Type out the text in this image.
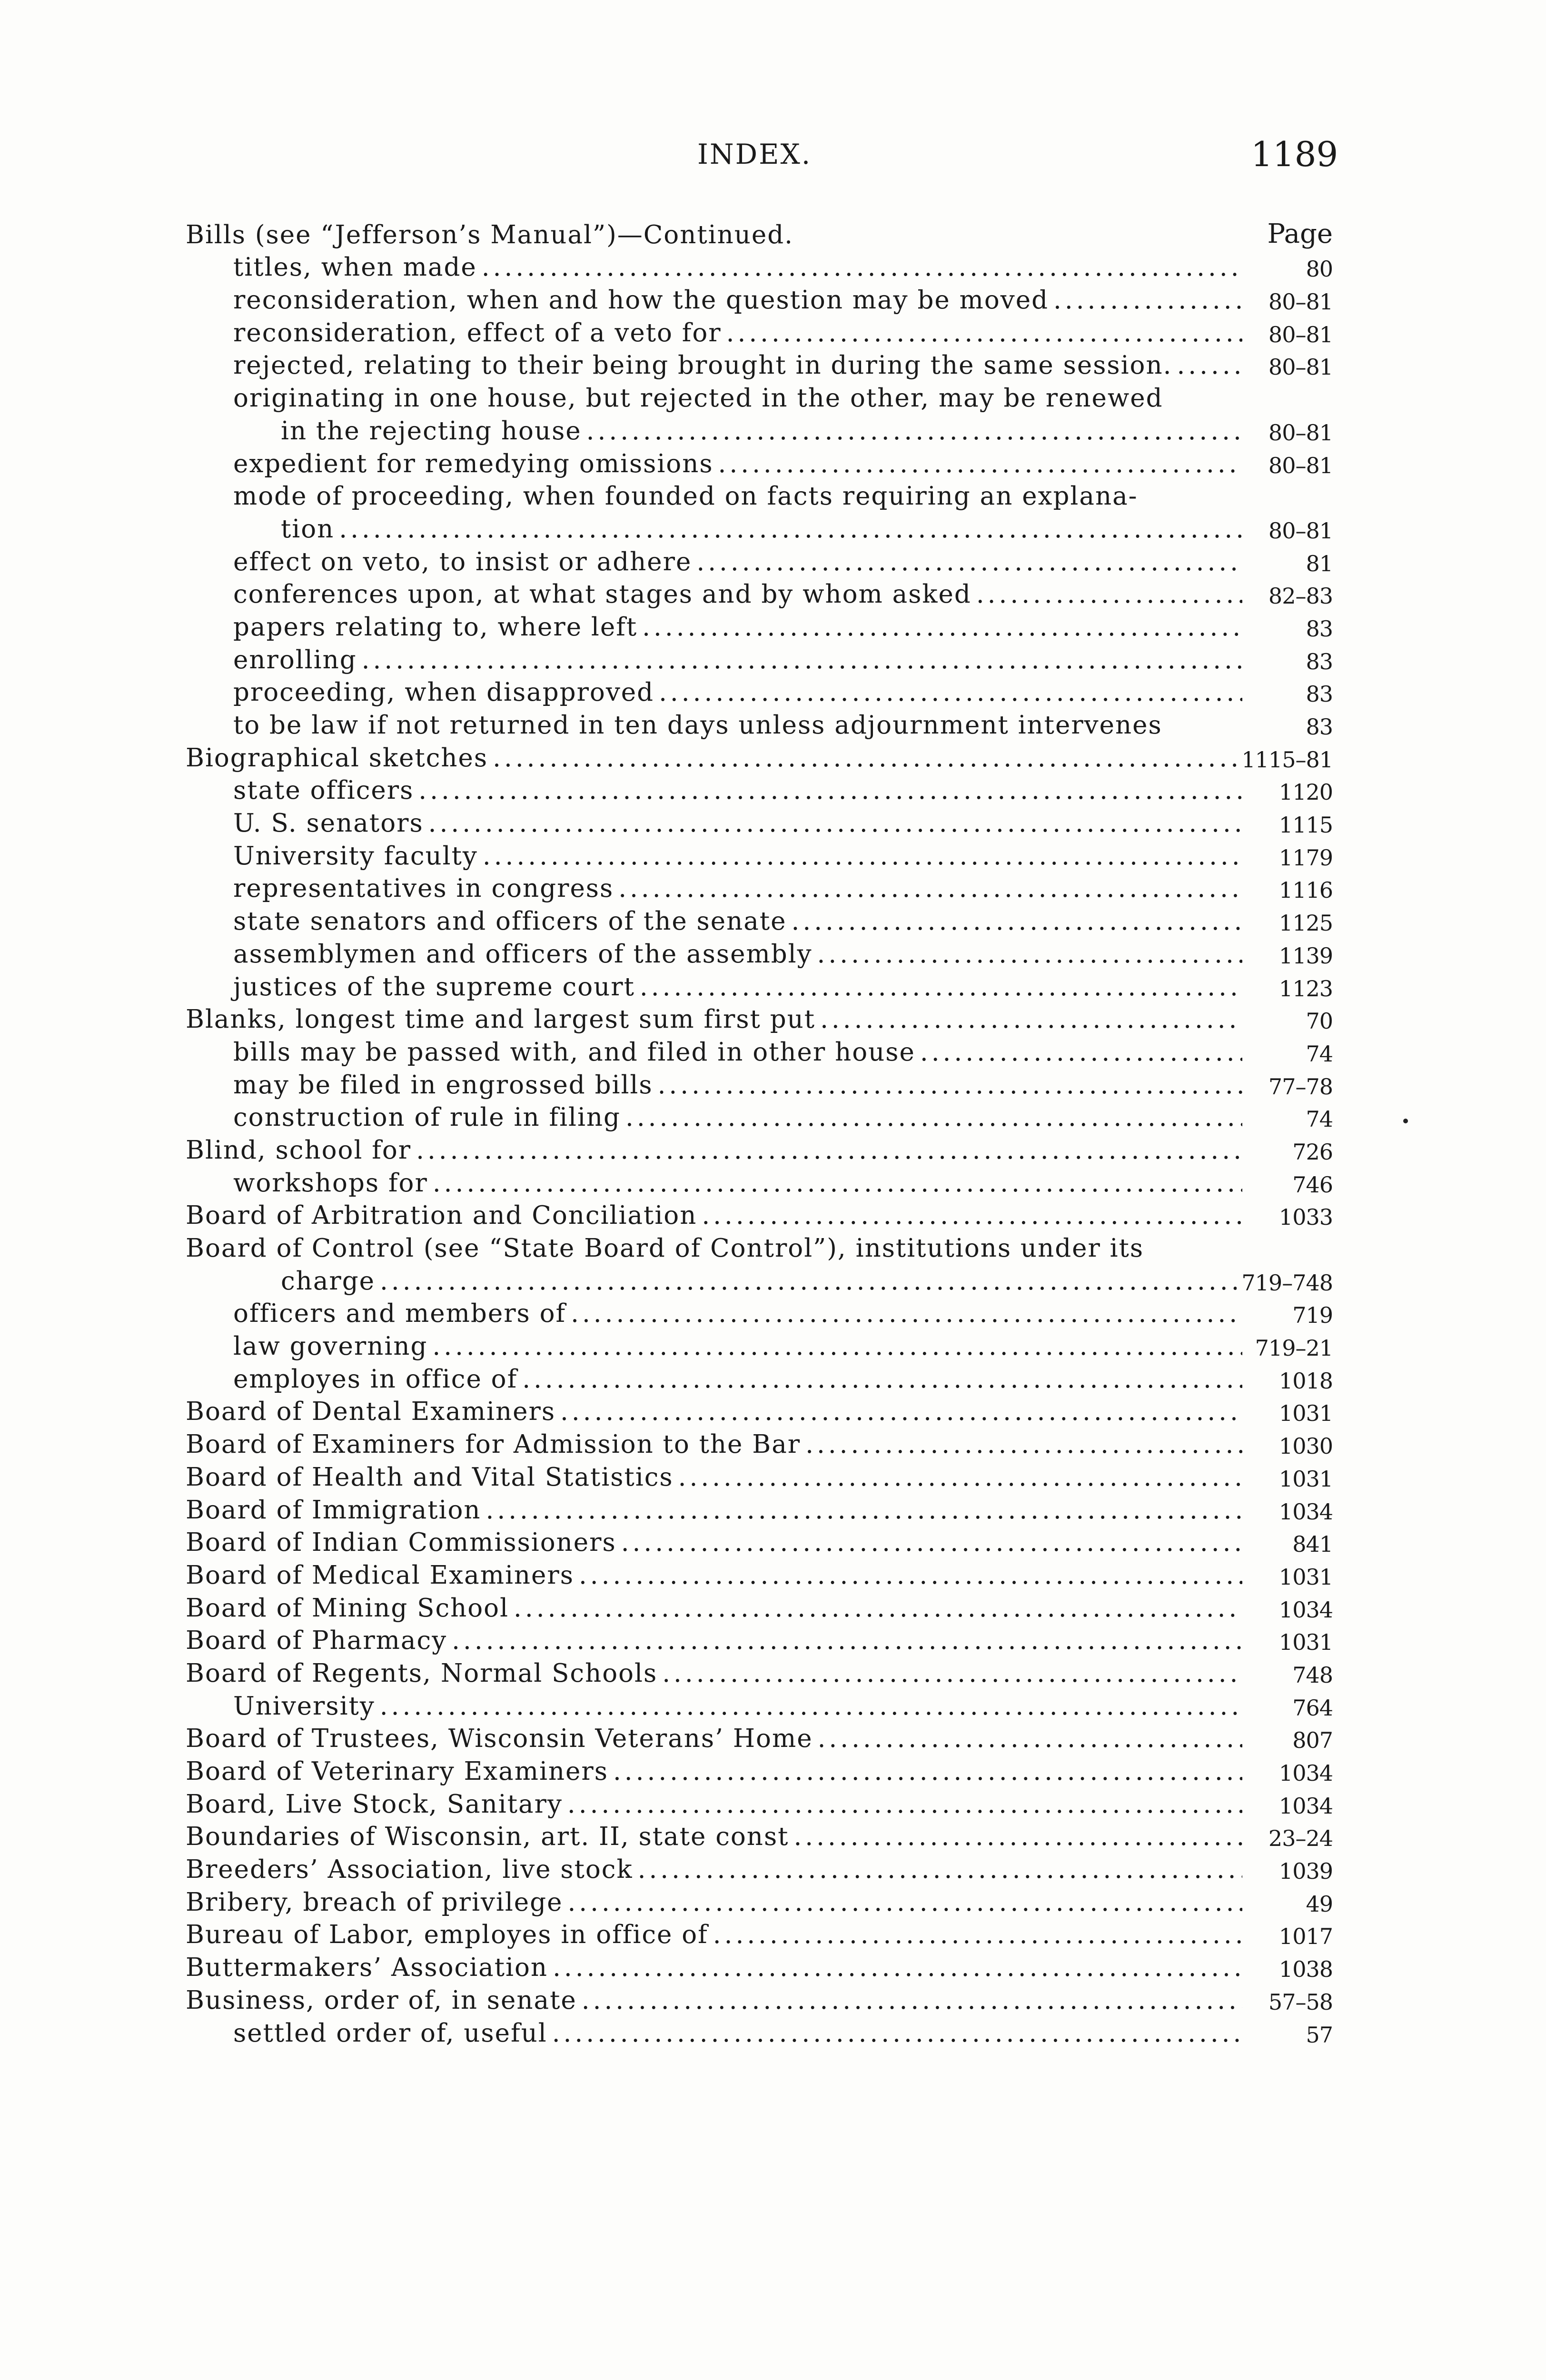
INDEX.	1189
Bills (see “Jefferson’s Manual”)—Continued.	Page
titles, when made .....	80
reconsideration, when and how the question may be moved .....	80–81
reconsideration, effect of a veto for .....	80–81
rejected, relating to their being brought in during the same session. .....	80–81
originating in one house, but rejected in the other, may be renewed
in the rejecting house .....	80–81
expedient for remedying omissions .....	80–81
mode of proceeding, when founded on facts requiring an explana-
tion .....	80–81
effect on veto, to insist or adhere .....	81
conferences upon, at what stages and by whom asked .....	82–83
papers relating to, where left .....	83
enrolling .....	83
proceeding, when disapproved .....	83
to be law if not returned in ten days unless adjournment intervenes	83
Biographical sketches .....	1115–81
state officers .....	1120
U. S. senators .....	1115
University faculty .....	1179
representatives in congress .....	1116
state senators and officers of the senate .....	1125
assemblymen and officers of the assembly .....	1139
justices of the supreme court .....	1123
Blanks, longest time and largest sum first put .....	70
bills may be passed with, and filed in other house .....	74
may be filed in engrossed bills .....	77–78
construction of rule in filing .....	74
Blind, school for .....	726
workshops for .....	746
Board of Arbitration and Conciliation .....	1033
Board of Control (see “State Board of Control”), institutions under its
charge .....	719–748
officers and members of .....	719
law governing .....	719–21
employes in office of .....	1018
Board of Dental Examiners .....	1031
Board of Examiners for Admission to the Bar .....	1030
Board of Health and Vital Statistics .....	1031
Board of Immigration .....	1034
Board of Indian Commissioners .....	841
Board of Medical Examiners .....	1031
Board of Mining School .....	1034
Board of Pharmacy .....	1031
Board of Regents, Normal Schools .....	748
University .....	764
Board of Trustees, Wisconsin Veterans’ Home .....	807
Board of Veterinary Examiners .....	1034
Board, Live Stock, Sanitary .....	1034
Boundaries of Wisconsin, art. II, state const .....	23–24
Breeders’ Association, live stock .....	1039
Bribery, breach of privilege .....	49
Bureau of Labor, employes in office of .....	1017
Buttermakers’ Association .....	1038
Business, order of, in senate .....	57–58
settled order of, useful .....	57
